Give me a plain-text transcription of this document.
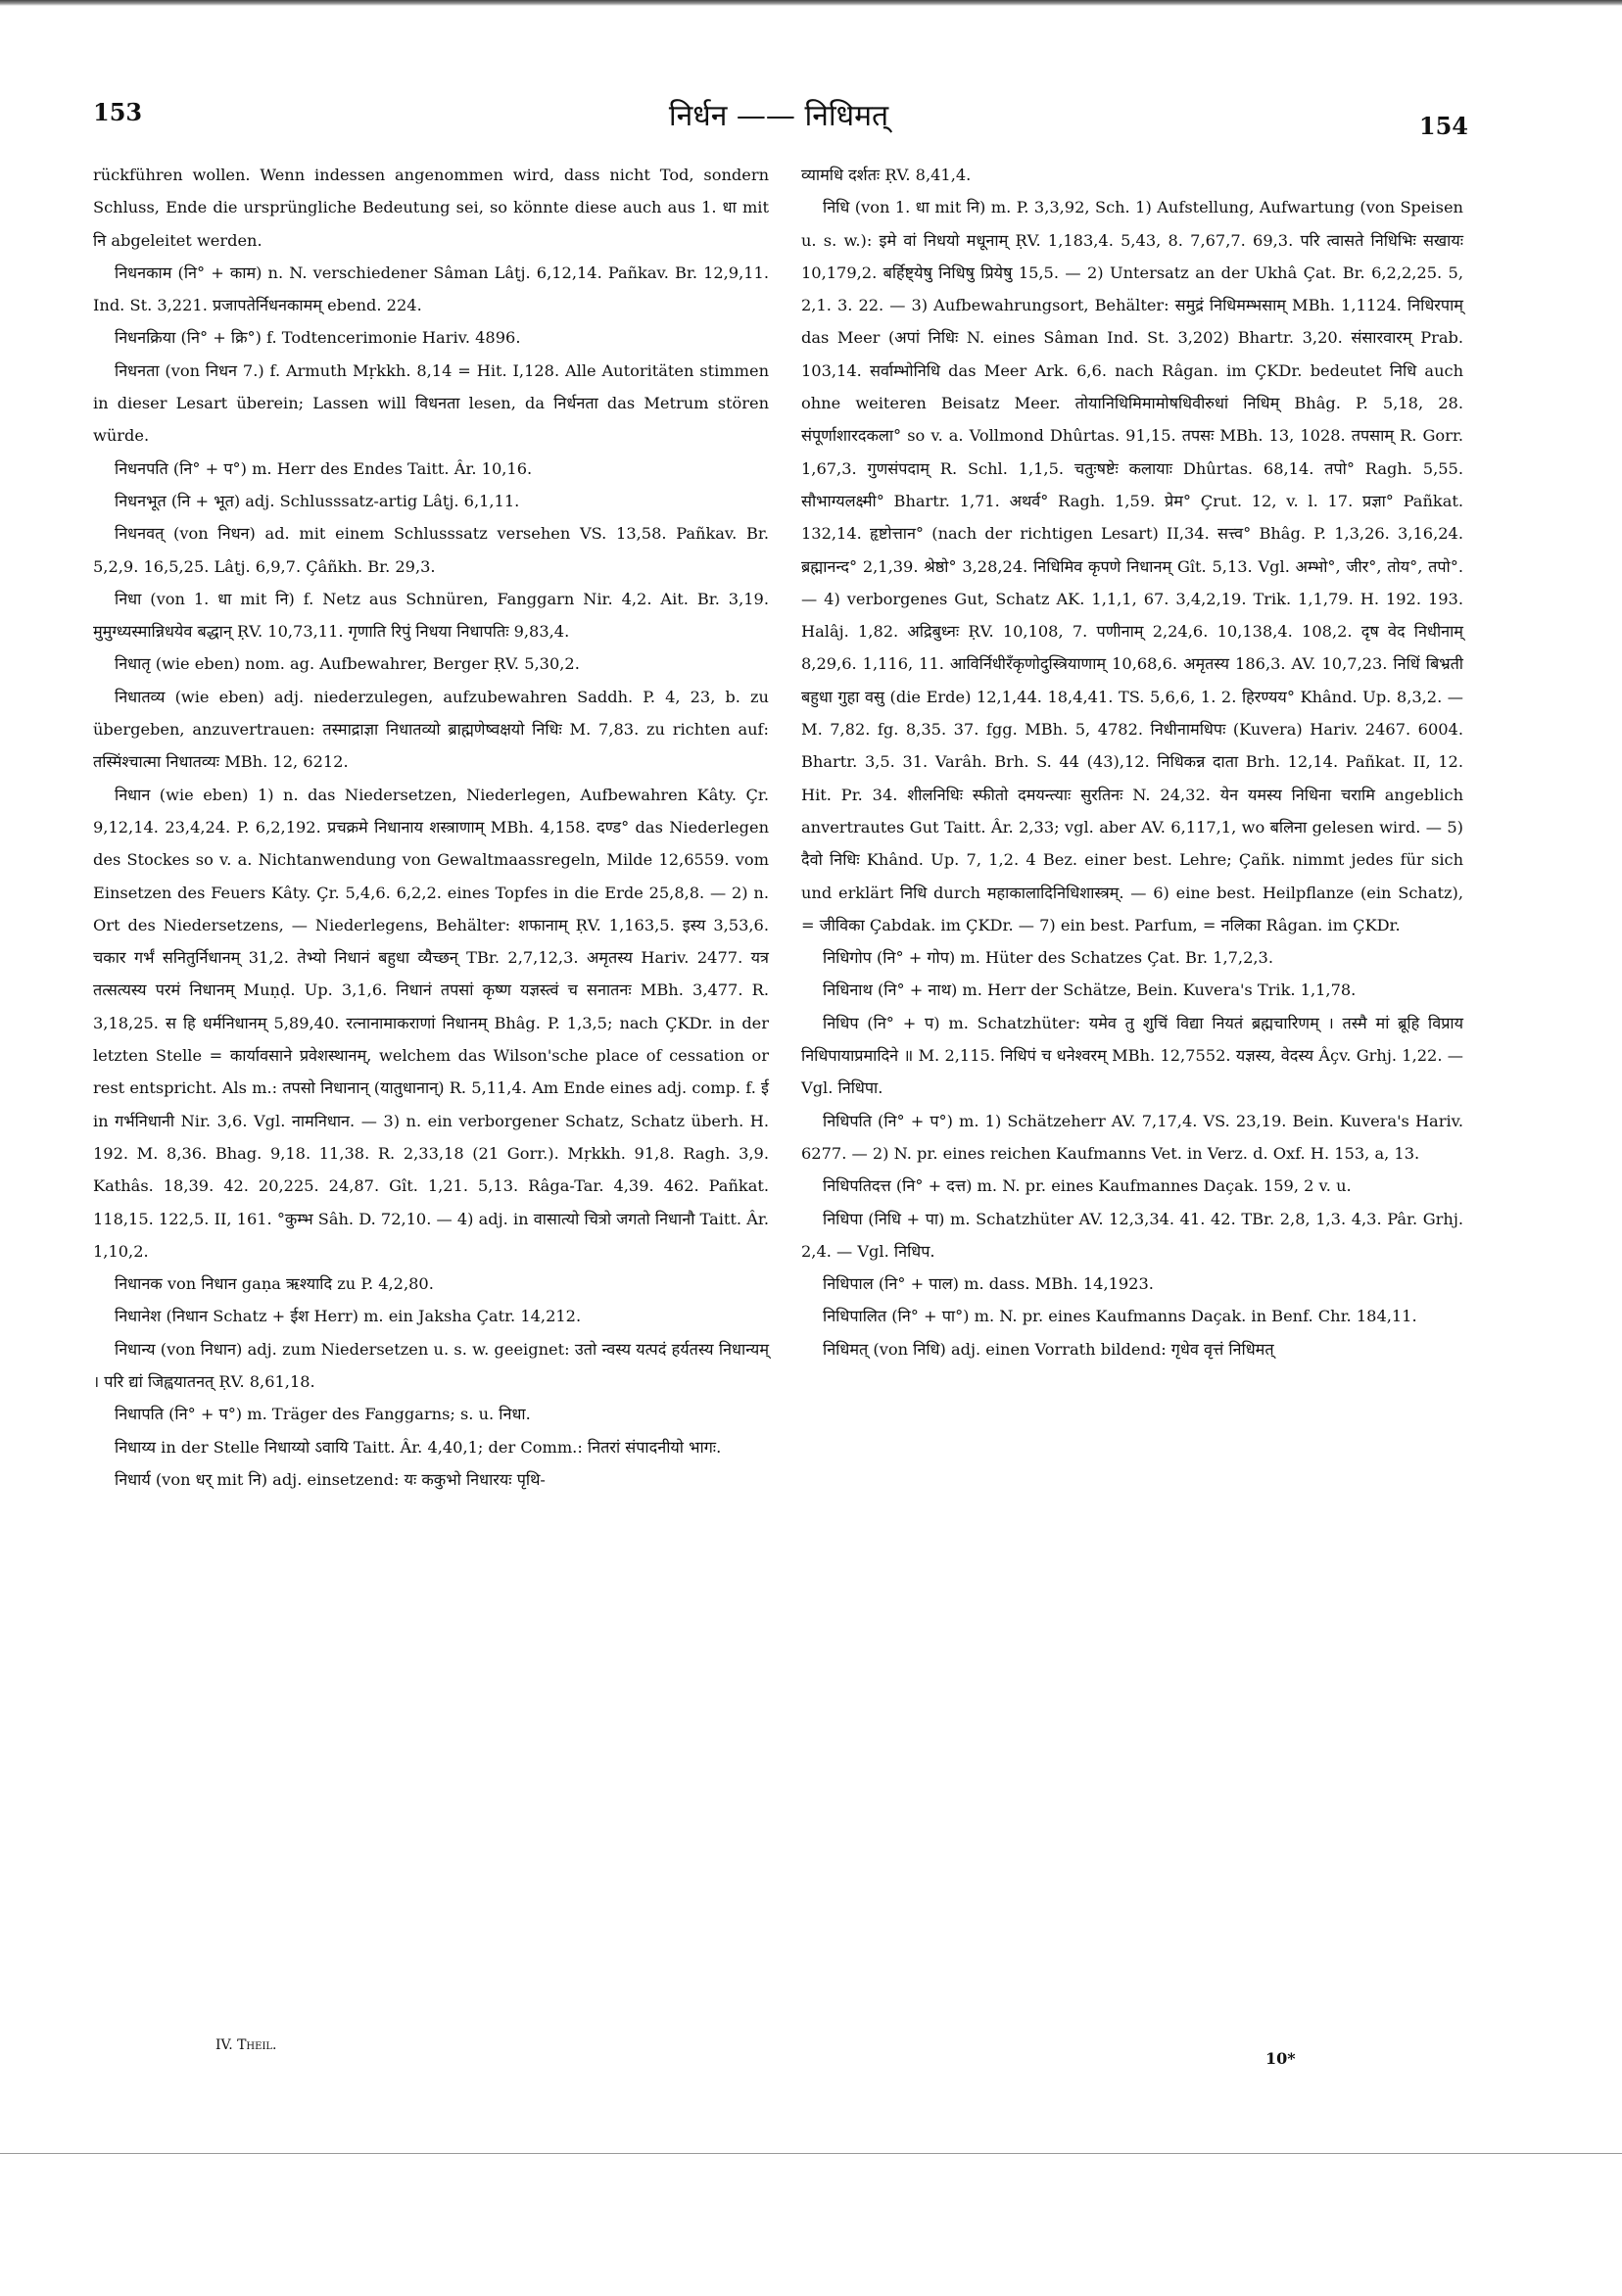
153	निर्धन —— निधिमत्	154

rückführen wollen. Wenn indessen angenommen wird, dass nicht Tod, sondern Schluss, Ende die ursprüngliche Bedeutung sei, so könnte diese auch aus 1. धा mit नि abgeleitet werden.

निधनकाम (नि° + काम) n. N. verschiedener Sâman Lâṭj. 6,12,14. Pañkav. Br. 12,9,11. Ind. St. 3,221. प्रजापतेर्निधनकामम् ebend. 224.

निधनक्रिया (नि° + क्रि°) f. Todtencerimonie Hariv. 4896.

निधनता (von निधन 7.) f. Armuth Mṛkkh. 8,14 = Hit. I,128. Alle Autoritäten stimmen in dieser Lesart überein; Lassen will विधनता lesen, da निर्धनता das Metrum stören würde.

निधनपति (नि° + प°) m. Herr des Endes Taitt. Âr. 10,16.

निधनभूत (नि + भूत) adj. Schlusssatz-artig Lâṭj. 6,1,11.

निधनवत् (von निधन) ad. mit einem Schlusssatz versehen VS. 13,58. Pañkav. Br. 5,2,9. 16,5,25. Lâṭj. 6,9,7. Çâñkh. Br. 29,3.

निधा (von 1. धा mit नि) f. Netz aus Schnüren, Fanggarn Nir. 4,2. Ait. Br. 3,19. मुमुग्ध्यस्मान्निधयेव बद्धान् ṚV. 10,73,11. गृणाति रिपुं निधया निधापतिः 9,83,4.

निधातृ (wie eben) nom. ag. Aufbewahrer, Berger ṚV. 5,30,2.

निधातव्य (wie eben) adj. niederzulegen, aufzubewahren Saddh. P. 4, 23, b. zu übergeben, anzuvertrauen: तस्माद्राज्ञा निधातव्यो ब्राह्मणेष्वक्षयो निधिः M. 7,83. zu richten auf: तस्मिंश्चात्मा निधातव्यः MBh. 12, 6212.

निधान (wie eben) 1) n. das Niedersetzen, Niederlegen, Aufbewahren Kâty. Çr. 9,12,14. 23,4,24. P. 6,2,192. प्रचक्रमे निधानाय शस्त्राणाम् MBh. 4,158. दण्ड° das Niederlegen des Stockes so v. a. Nichtanwendung von Gewaltmaassregeln, Milde 12,6559. vom Einsetzen des Feuers Kâty. Çr. 5,4,6. 6,2,2. eines Topfes in die Erde 25,8,8. — 2) n. Ort des Niedersetzens, — Niederlegens, Behälter: शफानाम् ṚV. 1,163,5. इस्य 3,53,6. चकार गर्भं सनितुर्निधानम् 31,2. तेभ्यो निधानं बहुधा व्यैच्छन् TBr. 2,7,12,3. अमृतस्य Hariv. 2477. यत्र तत्सत्यस्य परमं निधानम् Muṇḍ. Up. 3,1,6. निधानं तपसां कृष्ण यज्ञस्त्वं च सनातनः MBh. 3,477. R. 3,18,25. स हि धर्मनिधानम् 5,89,40. रत्नानामाकराणां निधानम् Bhâg. P. 1,3,5; nach ÇKDr. in der letzten Stelle = कार्यावसाने प्रवेशस्थानम्, welchem das Wilson'sche place of cessation or rest entspricht. Als m.: तपसो निधानान् (यातुधानान्) R. 5,11,4. Am Ende eines adj. comp. f. ई in गर्भनिधानी Nir. 3,6. Vgl. नामनिधान. — 3) n. ein verborgener Schatz, Schatz überh. H. 192. M. 8,36. Bhag. 9,18. 11,38. R. 2,33,18 (21 Gorr.). Mṛkkh. 91,8. Ragh. 3,9. Kathâs. 18,39. 42. 20,225. 24,87. Gît. 1,21. 5,13. Râga-Tar. 4,39. 462. Pañkat. 118,15. 122,5. II, 161. °कुम्भ Sâh. D. 72,10. — 4) adj. in वासात्यो चित्रो जगतो निधानौ Taitt. Âr. 1,10,2.

निधानक von निधान gaṇa ऋश्यादि zu P. 4,2,80.

निधानेश (निधान Schatz + ईश Herr) m. ein Jaksha Çatr. 14,212.

निधान्य (von निधान) adj. zum Niedersetzen u. s. w. geeignet: उतो न्वस्य यत्पदं हर्यतस्य निधान्यम् । परि द्यां जिह्वयातनत् ṚV. 8,61,18.

निधापति (नि° + प°) m. Träger des Fanggarns; s. u. निधा.

निधाय्य in der Stelle निधाय्यो ऽवायि Taitt. Âr. 4,40,1; der Comm.: नितरां संपादनीयो भागः.

निधार्य (von धर् mit नि) adj. einsetzend: यः ककुभो निधारयः पृथि-

व्यामधि दर्शतः ṚV. 8,41,4.

निधि (von 1. धा mit नि) m. P. 3,3,92, Sch. 1) Aufstellung, Aufwartung (von Speisen u. s. w.): इमे वां निधयो मधूनाम् ṚV. 1,183,4. 5,43, 8. 7,67,7. 69,3. परि त्वासते निधिभिः सखायः 10,179,2. बर्हिष्ट्येषु निधिषु प्रियेषु 15,5. — 2) Untersatz an der Ukhâ Çat. Br. 6,2,2,25. 5, 2,1. 3. 22. — 3) Aufbewahrungsort, Behälter: समुद्रं निधिमम्भसाम् MBh. 1,1124. निधिरपाम् das Meer (अपां निधिः N. eines Sâman Ind. St. 3,202) Bhartr. 3,20. संसारवारम् Prab. 103,14. सर्वाम्भोनिधि das Meer Ark. 6,6. nach Râgan. im ÇKDr. bedeutet निधि auch ohne weiteren Beisatz Meer. तोयानिधिमिमामोषधिवीरुधां निधिम् Bhâg. P. 5,18, 28. संपूर्णाशारदकला° so v. a. Vollmond Dhûrtas. 91,15. तपसः MBh. 13, 1028. तपसाम् R. Gorr. 1,67,3. गुणसंपदाम् R. Schl. 1,1,5. चतुःषष्टेः कलायाः Dhûrtas. 68,14. तपो° Ragh. 5,55. सौभाग्यलक्ष्मी° Bhartr. 1,71. अथर्व° Ragh. 1,59. प्रेम° Çrut. 12, v. l. 17. प्रज्ञा° Pañkat. 132,14. हृष्टोत्तान° (nach der richtigen Lesart) II,34. सत्त्व° Bhâg. P. 1,3,26. 3,16,24. ब्रह्मानन्द° 2,1,39. श्रेष्ठो° 3,28,24. निधिमिव कृपणे निधानम् Gît. 5,13. Vgl. अम्भो°, जीर°, तोय°, तपो°. — 4) verborgenes Gut, Schatz AK. 1,1,1, 67. 3,4,2,19. Trik. 1,1,79. H. 192. 193. Halâj. 1,82. अद्रिबुध्नः ṚV. 10,108, 7. पणीनाम् 2,24,6. 10,138,4. 108,2. दृष वेद निधीनाम् 8,29,6. 1,116, 11. आविर्निधीरँकृणोदुस्त्रियाणाम् 10,68,6. अमृतस्य 186,3. AV. 10,7,23. निधिं बिभ्रती बहुधा गुहा वसु (die Erde) 12,1,44. 18,4,41. TS. 5,6,6, 1. 2. हिरण्यय° Khând. Up. 8,3,2. — M. 7,82. fg. 8,35. 37. fgg. MBh. 5, 4782. निधीनामधिपः (Kuvera) Hariv. 2467. 6004. Bhartr. 3,5. 31. Varâh. Brh. S. 44 (43),12. निधिकन्न दाता Brh. 12,14. Pañkat. II, 12. Hit. Pr. 34. शीलनिधिः स्फीतो दमयन्त्याः सुरतिनः N. 24,32. येन यमस्य निधिना चरामि angeblich anvertrautes Gut Taitt. Âr. 2,33; vgl. aber AV. 6,117,1, wo बलिना gelesen wird. — 5) दैवो निधिः Khând. Up. 7, 1,2. 4 Bez. einer best. Lehre; Çañk. nimmt jedes für sich und erklärt निधि durch महाकालादिनिधिशास्त्रम्. — 6) eine best. Heilpflanze (ein Schatz), = जीविका Çabdak. im ÇKDr. — 7) ein best. Parfum, = नलिका Râgan. im ÇKDr.

निधिगोप (नि° + गोप) m. Hüter des Schatzes Çat. Br. 1,7,2,3.

निधिनाथ (नि° + नाथ) m. Herr der Schätze, Bein. Kuvera's Trik. 1,1,78.

निधिप (नि° + प) m. Schatzhüter: यमेव तु शुचिं विद्या नियतं ब्रह्मचारिणम् । तस्मै मां ब्रूहि विप्राय निधिपायाप्रमादिने ॥ M. 2,115. निधिपं च धनेश्वरम् MBh. 12,7552. यज्ञस्य, वेदस्य Âçv. Grhj. 1,22. — Vgl. निधिपा.

निधिपति (नि° + प°) m. 1) Schätzeherr AV. 7,17,4. VS. 23,19. Bein. Kuvera's Hariv. 6277. — 2) N. pr. eines reichen Kaufmanns Vet. in Verz. d. Oxf. H. 153, a, 13.

निधिपतिदत्त (नि° + दत्त) m. N. pr. eines Kaufmannes Daçak. 159, 2 v. u.

निधिपा (निधि + पा) m. Schatzhüter AV. 12,3,34. 41. 42. TBr. 2,8, 1,3. 4,3. Pâr. Grhj. 2,4. — Vgl. निधिप.

निधिपाल (नि° + पाल) m. dass. MBh. 14,1923.

निधिपालित (नि° + पा°) m. N. pr. eines Kaufmanns Daçak. in Benf. Chr. 184,11.

निधिमत् (von निधि) adj. einen Vorrath bildend: गृधेव वृत्तं निधिमत्

IV. Theil.
10*
